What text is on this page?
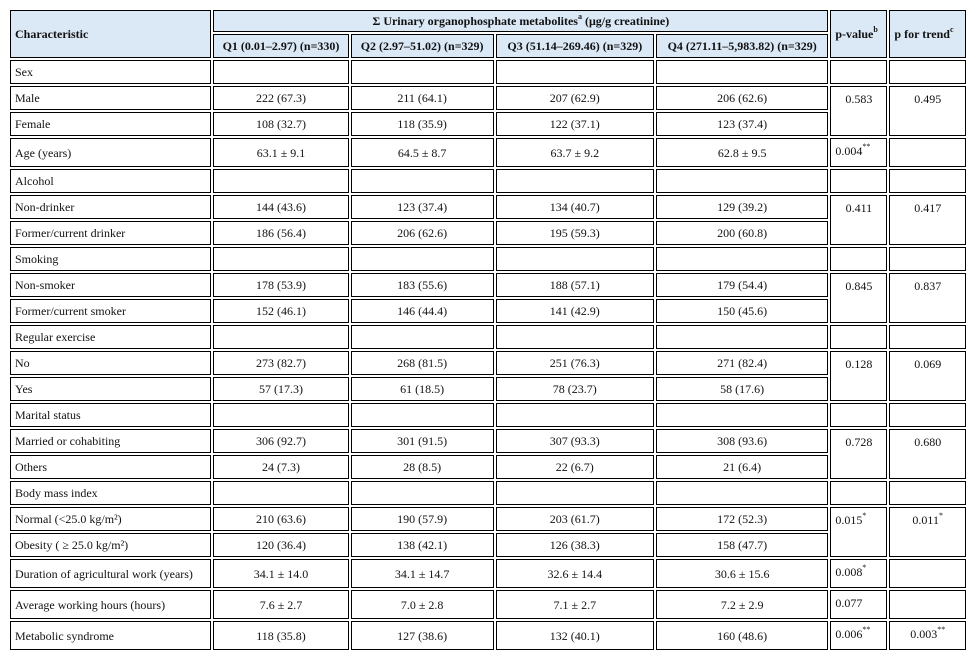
Characteristic	Σ Urinary organophosphate metabolites$^a$ (μg/g creatinine)				p-value$^b$	p for trend$^c$
	Q1 (0.01–2.97) (n=330)	Q2 (2.97–51.02) (n=329)	Q3 (51.14–269.46) (n=329)	Q4 (271.11–5,983.82) (n=329)		
Sex						
Male	222 (67.3)	211 (64.1)	207 (62.9)	206 (62.6)	0.583	0.495
Female	108 (32.7)	118 (35.9)	122 (37.1)	123 (37.4)		
Age (years)	63.1 ± 9.1	64.5 ± 8.7	63.7 ± 9.2	62.8 ± 9.5	0.004**	
Alcohol						
Non-drinker	144 (43.6)	123 (37.4)	134 (40.7)	129 (39.2)	0.411	0.417
Former/current drinker	186 (56.4)	206 (62.6)	195 (59.3)	200 (60.8)		
Smoking						
Non-smoker	178 (53.9)	183 (55.6)	188 (57.1)	179 (54.4)	0.845	0.837
Former/current smoker	152 (46.1)	146 (44.4)	141 (42.9)	150 (45.6)		
Regular exercise						
No	273 (82.7)	268 (81.5)	251 (76.3)	271 (82.4)	0.128	0.069
Yes	57 (17.3)	61 (18.5)	78 (23.7)	58 (17.6)		
Marital status						
Married or cohabiting	306 (92.7)	301 (91.5)	307 (93.3)	308 (93.6)	0.728	0.680
Others	24 (7.3)	28 (8.5)	22 (6.7)	21 (6.4)		
Body mass index						
Normal (<25.0 kg/m²)	210 (63.6)	190 (57.9)	203 (61.7)	172 (52.3)	0.015*	0.011*
Obesity ( ≥ 25.0 kg/m²)	120 (36.4)	138 (42.1)	126 (38.3)	158 (47.7)		
Duration of agricultural work (years)	34.1 ± 14.0	34.1 ± 14.7	32.6 ± 14.4	30.6 ± 15.6	0.008*	
Average working hours (hours)	7.6 ± 2.7	7.0 ± 2.8	7.1 ± 2.7	7.2 ± 2.9	0.077	
Metabolic syndrome	118 (35.8)	127 (38.6)	132 (40.1)	160 (48.6)	0.006**	0.003**
